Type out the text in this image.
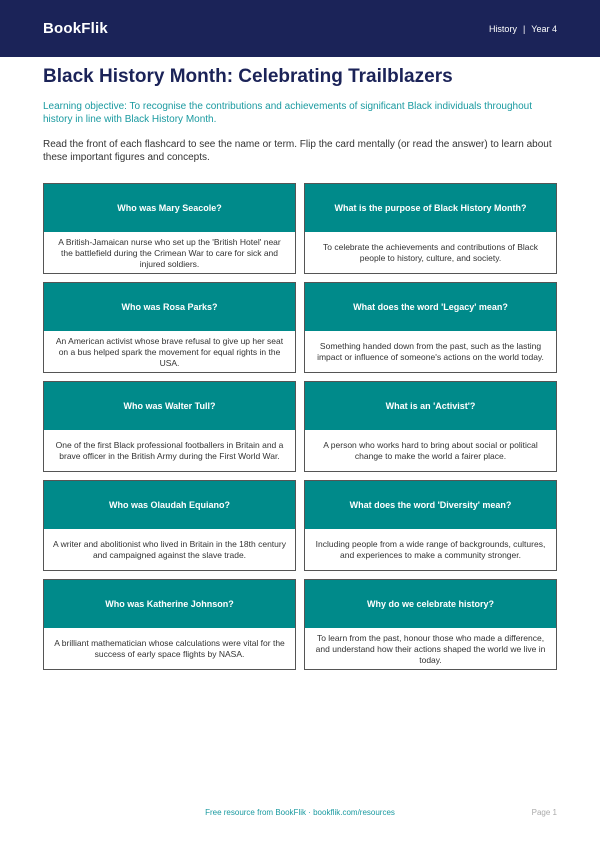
BookFlik	History | Year 4
Black History Month: Celebrating Trailblazers

Learning objective: To recognise the contributions and achievements of significant Black individuals throughout history in line with Black History Month.

Read the front of each flashcard to see the name or term. Flip the card mentally (or read the answer) to learn about these important figures and concepts.

Who was Mary Seacole?
A British-Jamaican nurse who set up the 'British Hotel' near the battlefield during the Crimean War to care for sick and injured soldiers.
What is the purpose of Black History Month?
To celebrate the achievements and contributions of Black people to history, culture, and society.
Who was Rosa Parks?
An American activist whose brave refusal to give up her seat on a bus helped spark the movement for equal rights in the USA.
What does the word 'Legacy' mean?
Something handed down from the past, such as the lasting impact or influence of someone's actions on the world today.
Who was Walter Tull?
One of the first Black professional footballers in Britain and a brave officer in the British Army during the First World War.
What is an 'Activist'?
A person who works hard to bring about social or political change to make the world a fairer place.
Who was Olaudah Equiano?
A writer and abolitionist who lived in Britain in the 18th century and campaigned against the slave trade.
What does the word 'Diversity' mean?
Including people from a wide range of backgrounds, cultures, and experiences to make a community stronger.
Who was Katherine Johnson?
A brilliant mathematician whose calculations were vital for the success of early space flights by NASA.
Why do we celebrate history?
To learn from the past, honour those who made a difference, and understand how their actions shaped the world we live in today.
Free resource from BookFlik · bookflik.com/resources	Page 1
